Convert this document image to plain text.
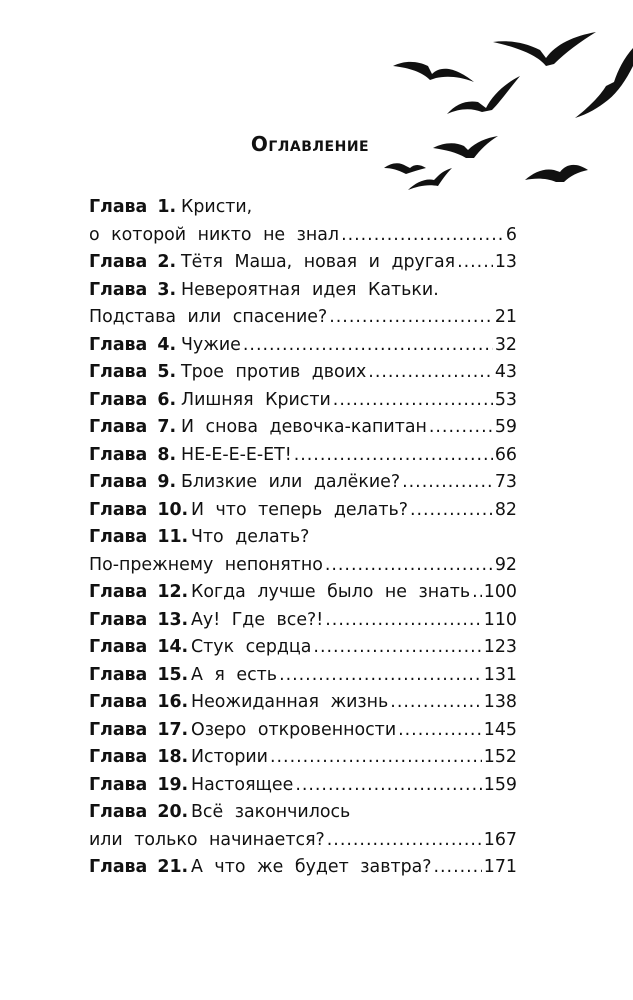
Оглавление
Глава 1. Кристи,
о которой никто не знал .....	6
Глава 2. Тётя Маша, новая и другая ..... 13
Глава 3. Невероятная идея Катьки.
Подстава или спасение? .....	21
Глава 4. Чужие .....	32
Глава 5. Трое против двоих .....	43
Глава 6. Лишняя Кристи .....	53
Глава 7. И снова девочка-капитан .....	59
Глава 8. НЕ-Е-Е-Е-ЕТ! .....	66
Глава 9. Близкие или далёкие? .....	73
Глава 10. И что теперь делать? .....	82
Глава 11. Что делать?
По-прежнему непонятно .....	92
Глава 12. Когда лучше было не знать ..... 100
Глава 13. Ау! Где все?! .....	110
Глава 14. Стук сердца .....	123
Глава 15. А я есть .....	131
Глава 16. Неожиданная жизнь .....	138
Глава 17. Озеро откровенности .....	145
Глава 18. Истории .....	152
Глава 19. Настоящее .....	159
Глава 20. Всё закончилось
или только начинается? .....	167
Глава 21. А что же будет завтра? .....	171
